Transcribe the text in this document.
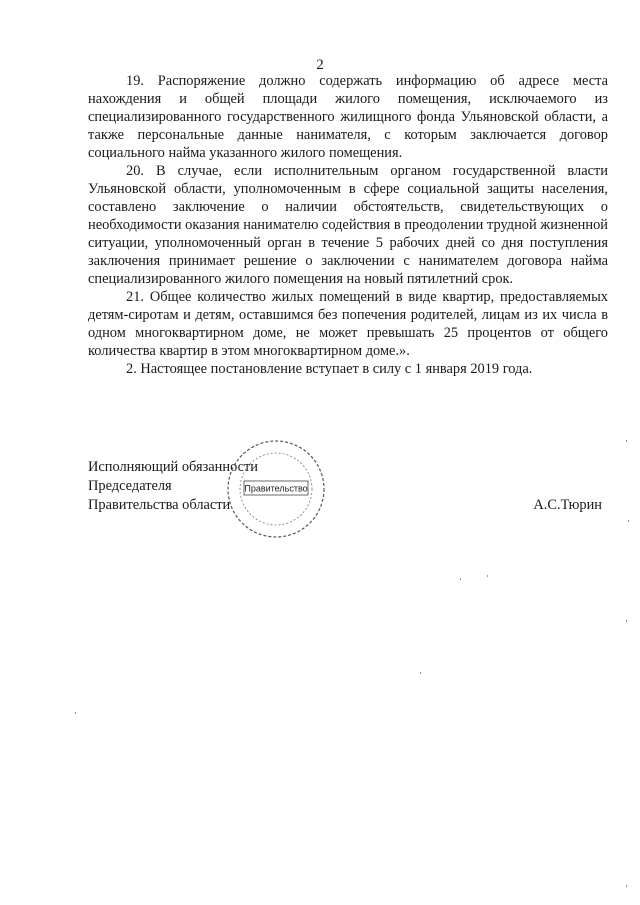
2

19. Распоряжение должно содержать информацию об адресе места нахождения и общей площади жилого помещения, исключаемого из специализированного государственного жилищного фонда Ульяновской области, а также персональные данные нанимателя, с которым заключается договор социального найма указанного жилого помещения.

20. В случае, если исполнительным органом государственной власти Ульяновской области, уполномоченным в сфере социальной защиты населения, составлено заключение о наличии обстоятельств, свидетельствующих о необходимости оказания нанимателю содействия в преодолении трудной жизненной ситуации, уполномоченный орган в течение 5 рабочих дней со дня поступления заключения принимает решение о заключении с нанимателем договора найма специализированного жилого помещения на новый пятилетний срок.

21. Общее количество жилых помещений в виде квартир, предоставляемых детям-сиротам и детям, оставшимся без попечения родителей, лицам из их числа в одном многоквартирном доме, не может превышать 25 процентов от общего количества квартир в этом многоквартирном доме.».

2. Настоящее постановление вступает в силу с 1 января 2019 года.

Исполняющий обязанности
Председателя
Правительства области	А.С.Тюрин
Правительство
